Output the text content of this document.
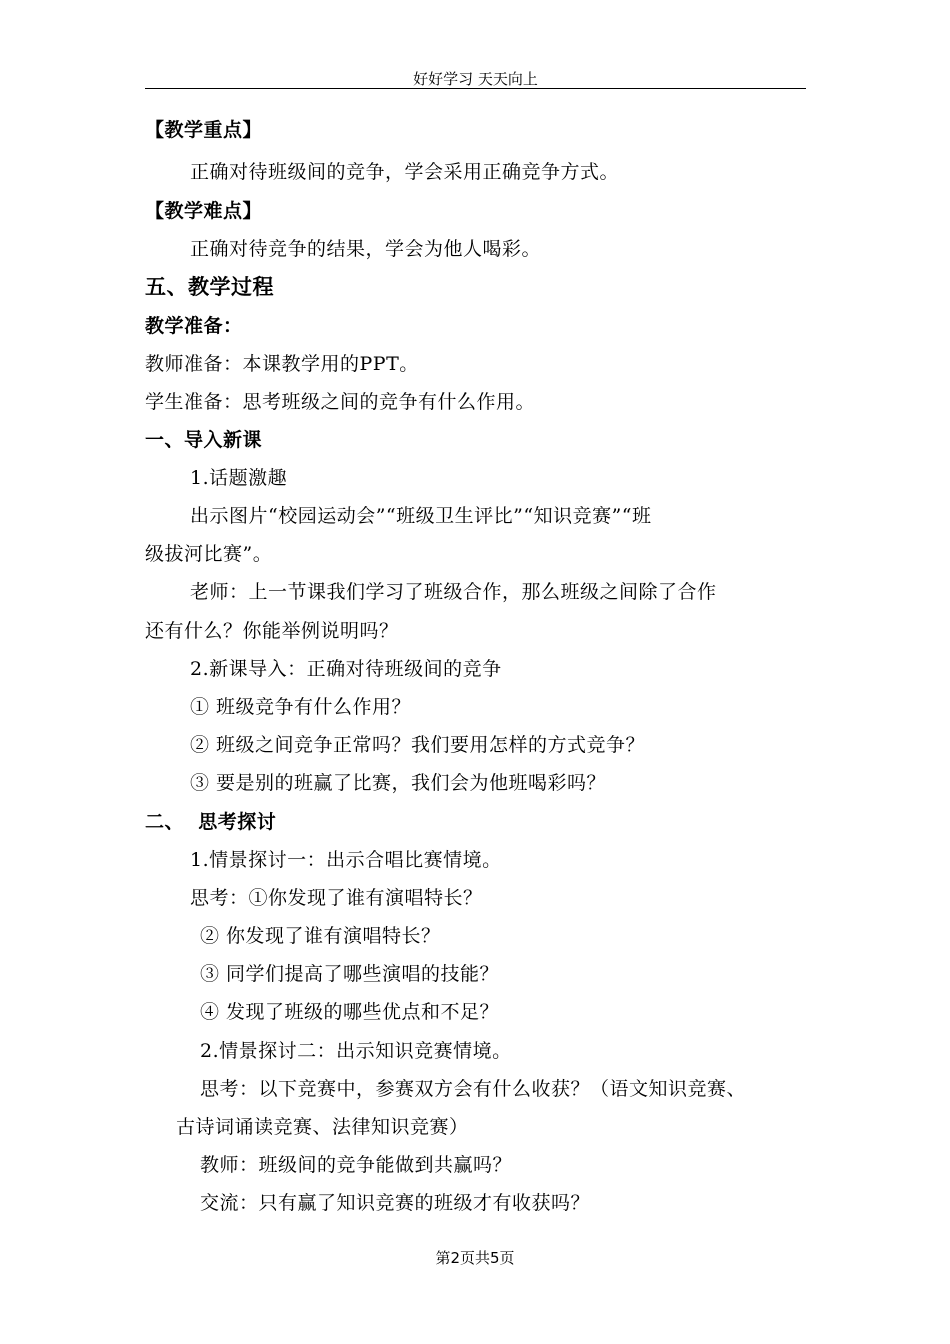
好好学习 天天向上
【教学重点】
正确对待班级间的竞争，学会采用正确竞争方式。
【教学难点】
正确对待竞争的结果，学会为他人喝彩。
五、教学过程
教学准备：
教师准备：本课教学用的PPT。
学生准备：思考班级之间的竞争有什么作用。
一、导入新课
1.话题激趣
出示图片“校园运动会”“班级卫生评比”“知识竞赛”“班
级拔河比赛”。
老师：上一节课我们学习了班级合作，那么班级之间除了合作
还有什么？你能举例说明吗？
2.新课导入：正确对待班级间的竞争
① 班级竞争有什么作用？
② 班级之间竞争正常吗？我们要用怎样的方式竞争？
③ 要是别的班赢了比赛，我们会为他班喝彩吗？
二、  思考探讨
1.情景探讨一：出示合唱比赛情境。
思考：①你发现了谁有演唱特长？
② 你发现了谁有演唱特长？
③ 同学们提高了哪些演唱的技能？
④ 发现了班级的哪些优点和不足？
2.情景探讨二：出示知识竞赛情境。
思考：以下竞赛中，参赛双方会有什么收获？（语文知识竞赛、
古诗词诵读竞赛、法律知识竞赛）
教师：班级间的竞争能做到共赢吗？
交流：只有赢了知识竞赛的班级才有收获吗？
第2页共5页
